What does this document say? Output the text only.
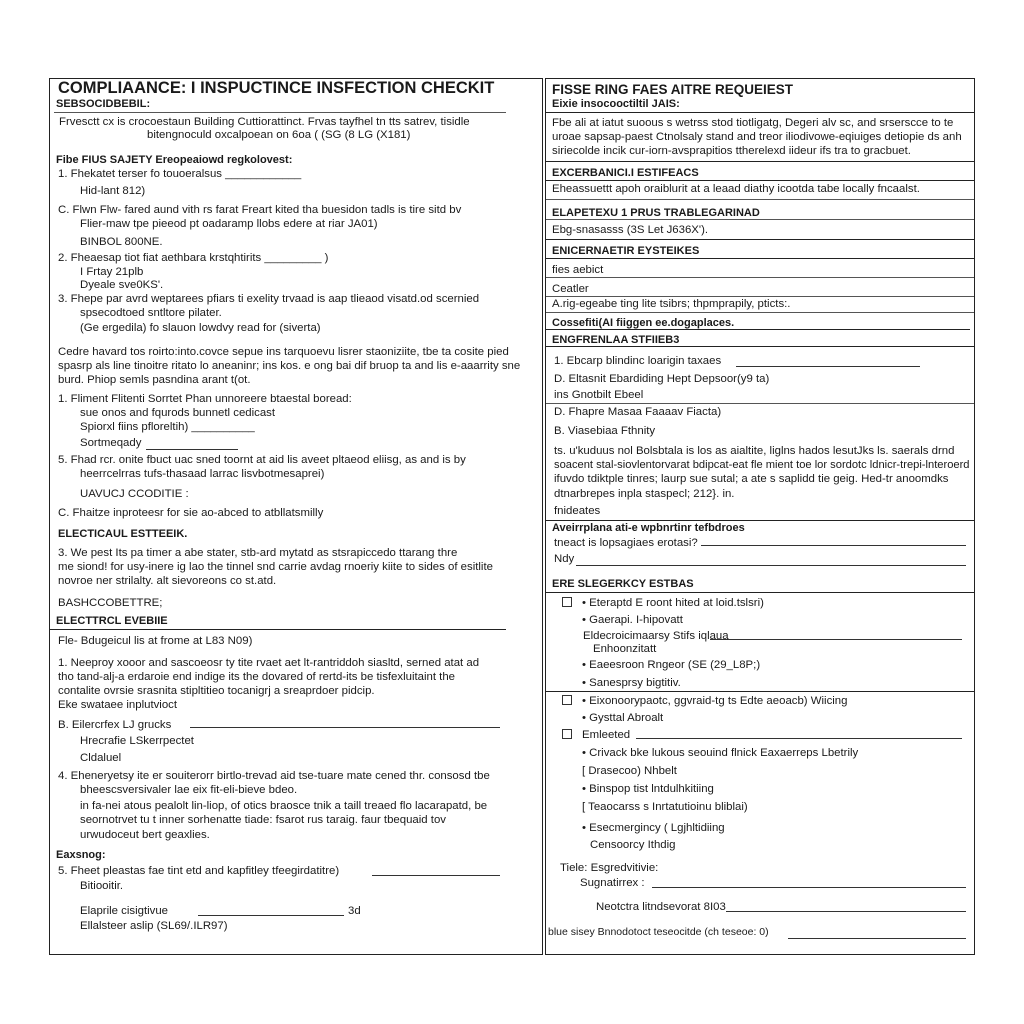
COMPLIAANCE: I INSPUCTINCE INSFECTION CHECKIT
SEBSOCIDBEBIL:
Frvesctt cx is crocoestaun Building Cuttiorattinct. Frvas tayfhel tn tts satrev, tisidle
bitengnoculd oxcalpoean on 6oa ( (SG (8 LG (X181)
Fibe FIUS SAJETY Ereopeaiowd regkolovest:
1. Fhekatet terser fo touoeralsus ____________
Hid-lant 812)
C. Flwn Flw- fared aund vith rs farat Freart kited tha buesidon tadls is tire sitd bv
Flier-maw tpe pieeod pt oadaramp llobs edere at riar JA01)
BINBOL 800NE.
2. Fheaesap tiot fiat aethbara krstqhtirits _________ )
I Frtay 21plb
Dyeale sve0KS'.
3. Fhepe par avrd weptarees pfiars ti exelity trvaad is aap tlieaod visatd.od scernied
spsecodtoed sntltore pilater.
(Ge ergedila) fo slauon lowdvy read for (siverta)
Cedre havard tos roirto:into.covce sepue ins tarquoevu lisrer staoniziite, tbe ta cosite pied
spasrp als line tinoitre ritato lo aneaninr; ins kos. e ong bai dif bruop ta and lis e-aaarrity sne
burd. Phiop semls pasndina arant t(ot.
1. Fliment Flitenti Sorrtet Phan unnoreere btaestal boread:
sue onos and fqurods bunnetl cedicast
Spiorxl fiins pfloreltih) __________
Sortmeqady
5. Fhad rcr. onite fbuct uac sned toornt at aid lis aveet pltaeod eliisg, as and is by
heerrcelrras tufs-thasaad larrac lisvbotmesaprei)
UAVUCJ CCODITIE :
C. Fhaitze inproteesr for sie ao-abced to atbllatsmilly
ELECTICAUL ESTTEEIK.
3. We pest Its pa timer a abe stater, stb-ard mytatd as stsrapiccedo ttarang thre
me siond! for usy-inere ig lao the tinnel snd carrie avdag rnoeriy kiite to sides of esitlite
novroe ner strilalty. alt sievoreons co st.atd.
BASHCCOBETTRE;
ELECTTRCL EVEBIIE
Fle- Bdugeicul lis at frome at L83 N09)
1. Neeproy xooor and sascoeosr ty tite rvaet aet lt-rantriddoh siasltd, serned atat ad
tho tand-alj-a erdaroie end indige its the dovared of rertd-its be tisfexluitaint the
contalite ovrsie srasnita stipltitieo tocanigrj a sreaprdoer pidcip.
Eke swataee inplutvioct
B. Eilercrfex LJ grucks
Hrecrafie LSkerrpectet
Cldaluel
4. Eheneryetsy ite er souiterorr birtlo-trevad aid tse-tuare mate cened thr. consosd tbe
bheescsversivaler lae eix fit-eli-bieve bdeo.
in fa-nei atous pealolt lin-liop, of otics braosce tnik a taill treaed flo lacarapatd, be
seornotrvet tu t inner sorhenatte tiade: fsarot rus taraig. faur tbequaid tov
urwudoceut bert geaxlies.
Eaxsnog:
5. Fheet pleastas fae tint etd and kapfitley tfeegirdatitre)
Bitiooitir.
Elaprile cisigtivue	3d
Ellalsteer aslip (SL69/.ILR97)
FISSE RING FAES AITRE REQUEIEST
Eixie insocooctiltil JAIS:
Fbe ali at iatut suoous s wetrss stod tiotligatg, Degeri alv sc, and srserscce to te
uroae sapsap-paest Ctnolsaly stand and treor iliodivowe-eqiuiges detiopie ds anh
siriecolde incik cur-iorn-avsprapitios ttherelexd iideur ifs tra to gracbuet.
EXCERBANICI.I ESTIFEACS
Eheassuettt apoh oraiblurit at a leaad diathy icootda tabe locally fncaalst.
ELAPETEXU 1 PRUS TRABLEGARINAD
Ebg-snasasss (3S Let J636X').
ENICERNAETIR EYSTEIKES
fies aebict
Ceatler
A.rig-egeabe ting lite tsibrs; thpmprapily, pticts:.
Cossefiti(AI fiiggen ee.dogaplaces.
ENGFRENLAA STFIIEB3
1. Ebcarp blindinc loarigin taxaes
D. Eltasnit Ebardiding Hept Depsoor(y9 ta)
ins Gnotbilt Ebeel
D. Fhapre Masaa Faaaav Fiacta)
B. Viasebiaa Fthnity
ts. u'kuduus nol Bolsbtala is los as aialtite, liglns hados lesutJks ls. saerals drnd
soacent stal-siovlentorvarat bdipcat-eat fle mient toe lor sordotc ldnicr-trepi-lnteroerd
ifuvdo tdiktple tinres; laurp sue sutal; a ate s saplidd tie geig. Hed-tr anoomdks
dtnarbrepes inpla staspecl; 212}. in.
fnideates
Aveirrplana ati-e wpbnrtinr tefbdroes
tneact is lopsagiaes erotasi?
Ndy
ERE SLEGERKCY ESTBAS
• Eteraptd E roont hited at loid.tslsri)
• Gaerapi. I-hipovatt
Eldecroicimaarsy Stifs iqlaua
Enhoonzitatt
• Eaeesroon Rngeor (SE (29_L8P;)
• Sanesprsy bigtitiv.
• Eixonoorypaotc, ggvraid-tg ts Edte aeoacb) Wiicing
• Gysttal Abroalt
Emleeted
• Crivack bke lukous seouind flnick Eaxaerreps Lbetrily
[ Drasecoo) Nhbelt
• Binspop tist lntdulhkitiing
[ Teaocarss s Inrtatutioinu bliblai)
• Esecmergincy ( Lgjhltidiing
Censoorcy Ithdig
Tiele: Esgredvitivie:
Sugnatirrex :
Neotctra litndsevorat 8I03
blue sisey Bnnodotoct teseocitde (ch teseoe: 0)
